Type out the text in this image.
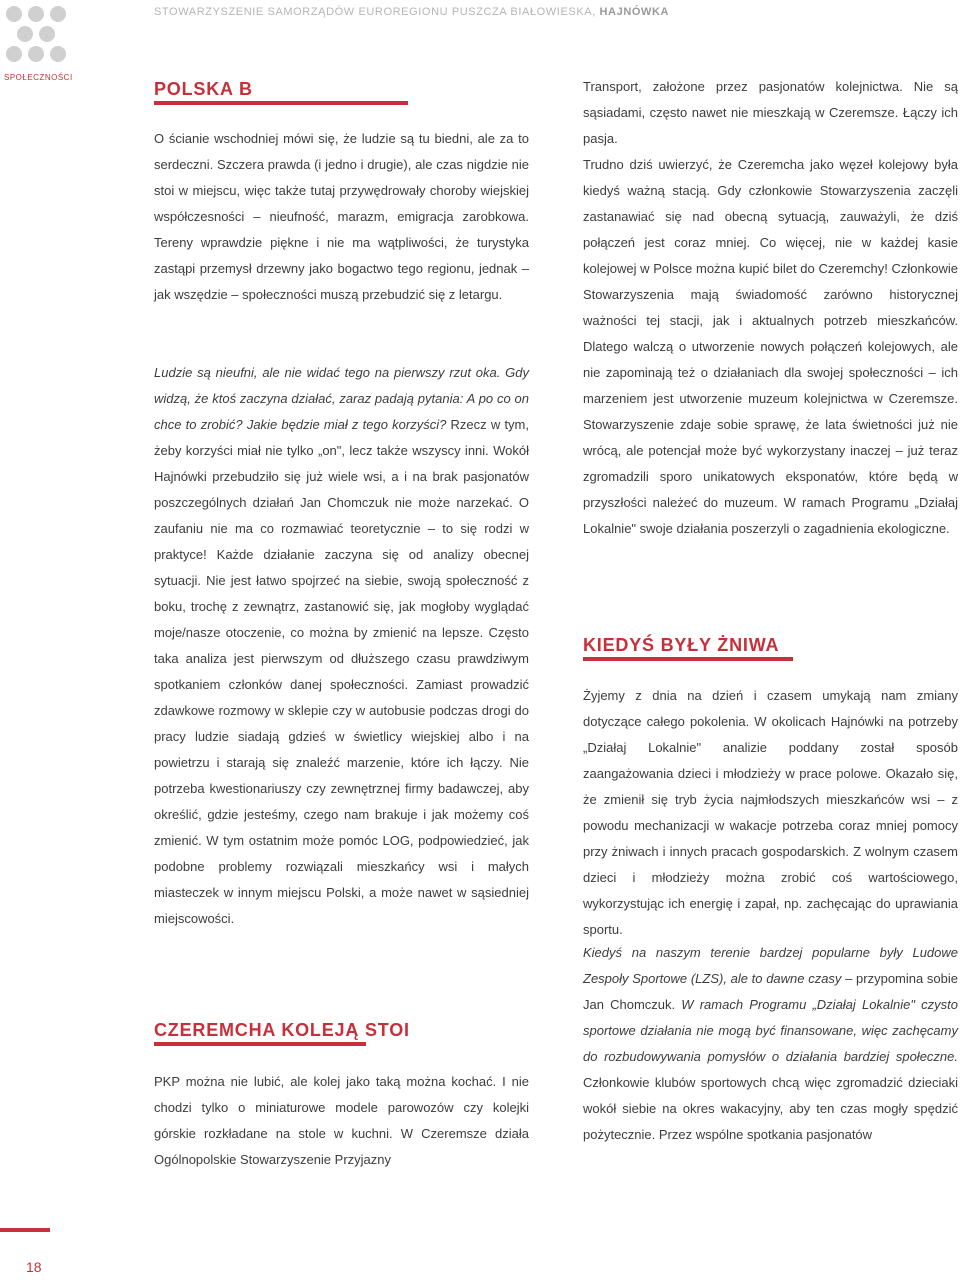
STOWARZYSZENIE SAMORZĄDÓW EUROREGIONU PUSZCZA BIAŁOWIESKA, HAJNÓWKA
SPOŁECZNOŚCI
POLSKA B

O ścianie wschodniej mówi się, że ludzie są tu biedni, ale za to serdeczni. Szczera prawda (i jedno i drugie), ale czas nigdzie nie stoi w miejscu, więc także tutaj przywędrowały choroby wiejskiej współczesności – nieufność, marazm, emigracja zarobkowa. Tereny wprawdzie piękne i nie ma wątpliwości, że turystyka zastąpi przemysł drzewny jako bogactwo tego regionu, jednak – jak wszędzie – społeczności muszą przebudzić się z letargu.

Ludzie są nieufni, ale nie widać tego na pierwszy rzut oka. Gdy widzą, że ktoś zaczyna działać, zaraz padają pytania: A po co on chce to zrobić? Jakie będzie miał z tego korzyści? Rzecz w tym, żeby korzyści miał nie tylko „on", lecz także wszyscy inni. Wokół Hajnówki przebudziło się już wiele wsi, a i na brak pasjonatów poszczególnych działań Jan Chomczuk nie może narzekać. O zaufaniu nie ma co rozmawiać teoretycznie – to się rodzi w praktyce! Każde działanie zaczyna się od analizy obecnej sytuacji. Nie jest łatwo spojrzeć na siebie, swoją społeczność z boku, trochę z zewnątrz, zastanowić się, jak mogłoby wyglądać moje/nasze otoczenie, co można by zmienić na lepsze. Często taka analiza jest pierwszym od dłuższego czasu prawdziwym spotkaniem członków danej społeczności. Zamiast prowadzić zdawkowe rozmowy w sklepie czy w autobusie podczas drogi do pracy ludzie siadają gdzieś w świetlicy wiejskiej albo i na powietrzu i starają się znaleźć marzenie, które ich łączy. Nie potrzeba kwestionariuszy czy zewnętrznej firmy badawczej, aby określić, gdzie jesteśmy, czego nam brakuje i jak możemy coś zmienić. W tym ostatnim może pomóc LOG, podpowiedzieć, jak podobne problemy rozwiązali mieszkańcy wsi i małych miasteczek w innym miejscu Polski, a może nawet w sąsiedniej miejscowości.

CZEREMCHA KOLEJĄ STOI

PKP można nie lubić, ale kolej jako taką można kochać. I nie chodzi tylko o miniaturowe modele parowozów czy kolejki górskie rozkładane na stole w kuchni. W Czeremsze działa Ogólnopolskie Stowarzyszenie Przyjazny

Transport, założone przez pasjonatów kolejnictwa. Nie są sąsiadami, często nawet nie mieszkają w Czeremsze. Łączy ich pasja.

Trudno dziś uwierzyć, że Czeremcha jako węzeł kolejowy była kiedyś ważną stacją. Gdy członkowie Stowarzyszenia zaczęli zastanawiać się nad obecną sytuacją, zauważyli, że dziś połączeń jest coraz mniej. Co więcej, nie w każdej kasie kolejowej w Polsce można kupić bilet do Czeremchy! Członkowie Stowarzyszenia mają świadomość zarówno historycznej ważności tej stacji, jak i aktualnych potrzeb mieszkańców. Dlatego walczą o utworzenie nowych połączeń kolejowych, ale nie zapominają też o działaniach dla swojej społeczności – ich marzeniem jest utworzenie muzeum kolejnictwa w Czeremsze. Stowarzyszenie zdaje sobie sprawę, że lata świetności już nie wrócą, ale potencjał może być wykorzystany inaczej – już teraz zgromadzili sporo unikatowych eksponatów, które będą w przyszłości należeć do muzeum. W ramach Programu „Działaj Lokalnie" swoje działania poszerzyli o zagadnienia ekologiczne.

KIEDYŚ BYŁY ŻNIWA

Żyjemy z dnia na dzień i czasem umykają nam zmiany dotyczące całego pokolenia. W okolicach Hajnówki na potrzeby „Działaj Lokalnie" analizie poddany został sposób zaangażowania dzieci i młodzieży w prace polowe. Okazało się, że zmienił się tryb życia najmłodszych mieszkańców wsi – z powodu mechanizacji w wakacje potrzeba coraz mniej pomocy przy żniwach i innych pracach gospodarskich. Z wolnym czasem dzieci i młodzieży można zrobić coś wartościowego, wykorzystując ich energię i zapał, np. zachęcając do uprawiania sportu.

Kiedyś na naszym terenie bardzej popularne były Ludowe Zespoły Sportowe (LZS), ale to dawne czasy – przypomina sobie Jan Chomczuk. W ramach Programu „Działaj Lokalnie" czysto sportowe działania nie mogą być finansowane, więc zachęcamy do rozbudowywania pomysłów o działania bardziej społeczne. Członkowie klubów sportowych chcą więc zgromadzić dzieciaki wokół siebie na okres wakacyjny, aby ten czas mogły spędzić pożytecznie. Przez wspólne spotkania pasjonatów

18
